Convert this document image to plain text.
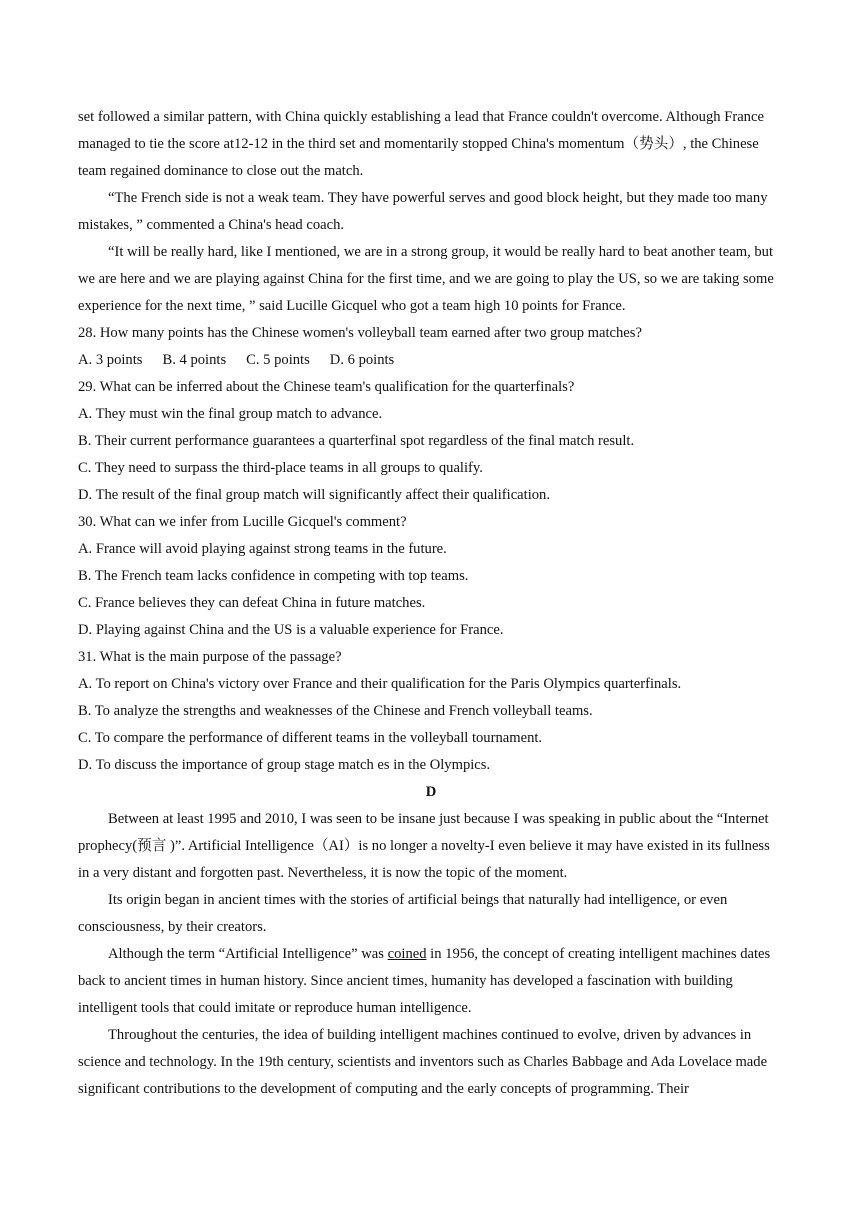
set followed a similar pattern, with China quickly establishing a lead that France couldn't overcome. Although France managed to tie the score at12-12 in the third set and momentarily stopped China's momentum（势头）, the Chinese team regained dominance to close out the match.

“The French side is not a weak team. They have powerful serves and good block height, but they made too many mistakes, ” commented a China's head coach.

“It will be really hard, like I mentioned, we are in a strong group, it would be really hard to beat another team, but we are here and we are playing against China for the first time, and we are going to play the US, so we are taking some experience for the next time, ” said Lucille Gicquel who got a team high 10 points for France.

28. How many points has the Chinese women's volleyball team earned after two group matches?

A. 3 points B. 4 points C. 5 points D. 6 points

29. What can be inferred about the Chinese team's qualification for the quarterfinals?

A. They must win the final group match to advance.

B. Their current performance guarantees a quarterfinal spot regardless of the final match result.

C. They need to surpass the third-place teams in all groups to qualify.

D. The result of the final group match will significantly affect their qualification.

30. What can we infer from Lucille Gicquel's comment?

A. France will avoid playing against strong teams in the future.

B. The French team lacks confidence in competing with top teams.

C. France believes they can defeat China in future matches.

D. Playing against China and the US is a valuable experience for France.

31. What is the main purpose of the passage?

A. To report on China's victory over France and their qualification for the Paris Olympics quarterfinals.

B. To analyze the strengths and weaknesses of the Chinese and French volleyball teams.

C. To compare the performance of different teams in the volleyball tournament.

D. To discuss the importance of group stage match es in the Olympics.

D

Between at least 1995 and 2010, I was seen to be insane just because I was speaking in public about the “Internet prophecy(预言 )”. Artificial Intelligence（AI）is no longer a novelty-I even believe it may have existed in its fullness in a very distant and forgotten past. Nevertheless, it is now the topic of the moment.

Its origin began in ancient times with the stories of artificial beings that naturally had intelligence, or even consciousness, by their creators.

Although the term “Artificial Intelligence” was coined in 1956, the concept of creating intelligent machines dates back to ancient times in human history. Since ancient times, humanity has developed a fascination with building intelligent tools that could imitate or reproduce human intelligence.

Throughout the centuries, the idea of building intelligent machines continued to evolve, driven by advances in science and technology. In the 19th century, scientists and inventors such as Charles Babbage and Ada Lovelace made significant contributions to the development of computing and the early concepts of programming. Their
